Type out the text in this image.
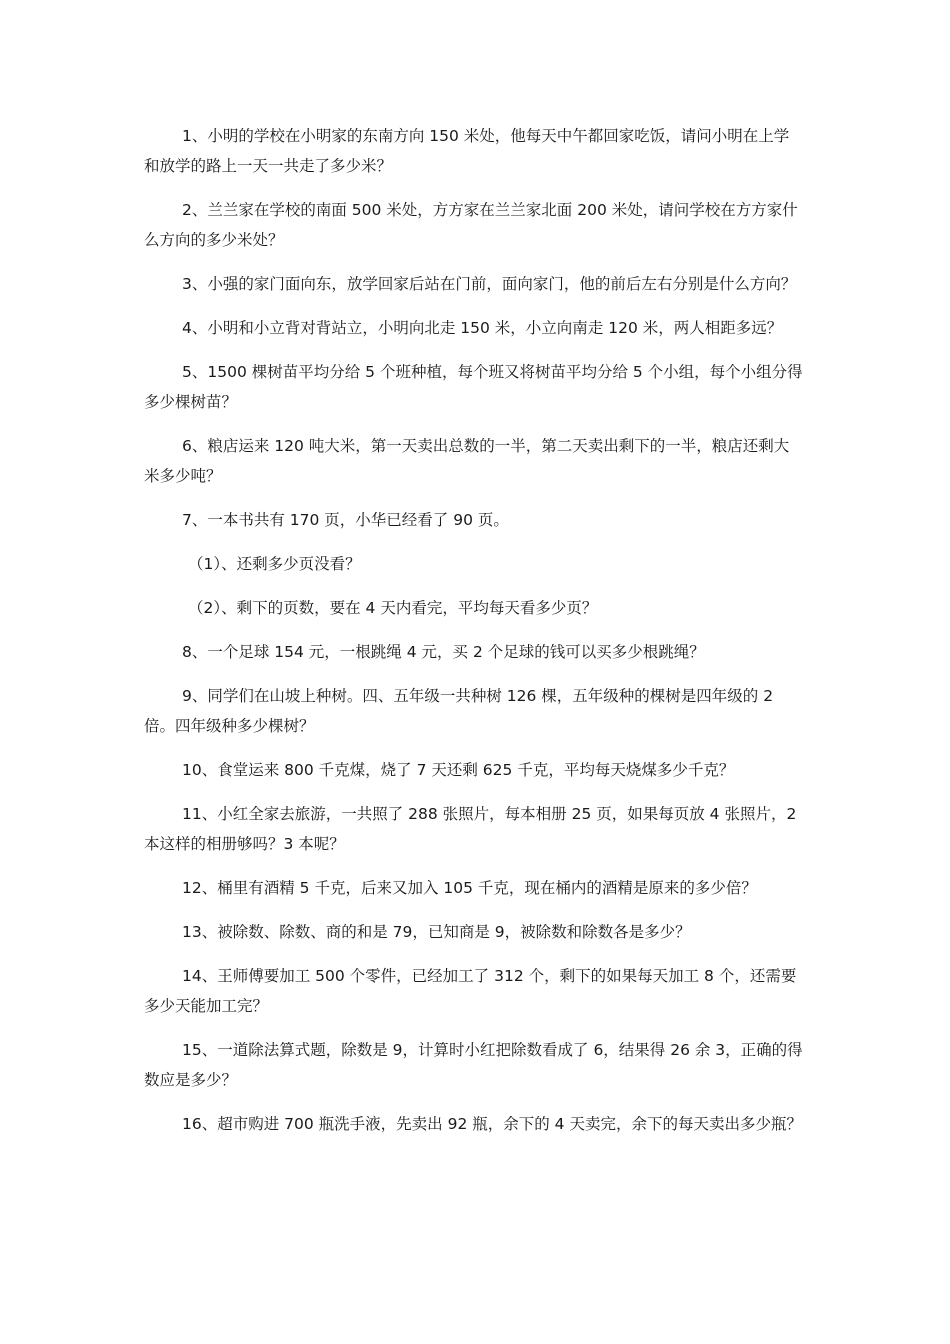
1、小明的学校在小明家的东南方向 150 米处，他每天中午都回家吃饭，请问小明在上学和放学的路上一天一共走了多少米？

2、兰兰家在学校的南面 500 米处，方方家在兰兰家北面 200 米处，请问学校在方方家什么方向的多少米处？

3、小强的家门面向东，放学回家后站在门前，面向家门，他的前后左右分别是什么方向？

4、小明和小立背对背站立，小明向北走 150 米，小立向南走 120 米，两人相距多远？

5、1500 棵树苗平均分给 5 个班种植，每个班又将树苗平均分给 5 个小组，每个小组分得多少棵树苗？

6、粮店运来 120 吨大米，第一天卖出总数的一半，第二天卖出剩下的一半，粮店还剩大米多少吨？

7、一本书共有 170 页，小华已经看了 90 页。

（1）、还剩多少页没看？

（2）、剩下的页数，要在 4 天内看完，平均每天看多少页？

8、一个足球 154 元，一根跳绳 4 元，买 2 个足球的钱可以买多少根跳绳？

9、同学们在山坡上种树。四、五年级一共种树 126 棵，五年级种的棵树是四年级的 2 倍。四年级种多少棵树？

10、食堂运来 800 千克煤，烧了 7 天还剩 625 千克，平均每天烧煤多少千克？

11、小红全家去旅游，一共照了 288 张照片，每本相册 25 页，如果每页放 4 张照片，2 本这样的相册够吗？3 本呢？

12、桶里有酒精 5 千克，后来又加入 105 千克，现在桶内的酒精是原来的多少倍？

13、被除数、除数、商的和是 79，已知商是 9，被除数和除数各是多少？

14、王师傅要加工 500 个零件，已经加工了 312 个，剩下的如果每天加工 8 个，还需要多少天能加工完？

15、一道除法算式题，除数是 9，计算时小红把除数看成了 6，结果得 26 余 3，正确的得数应是多少？

16、超市购进 700 瓶洗手液，先卖出 92 瓶，余下的 4 天卖完，余下的每天卖出多少瓶？
